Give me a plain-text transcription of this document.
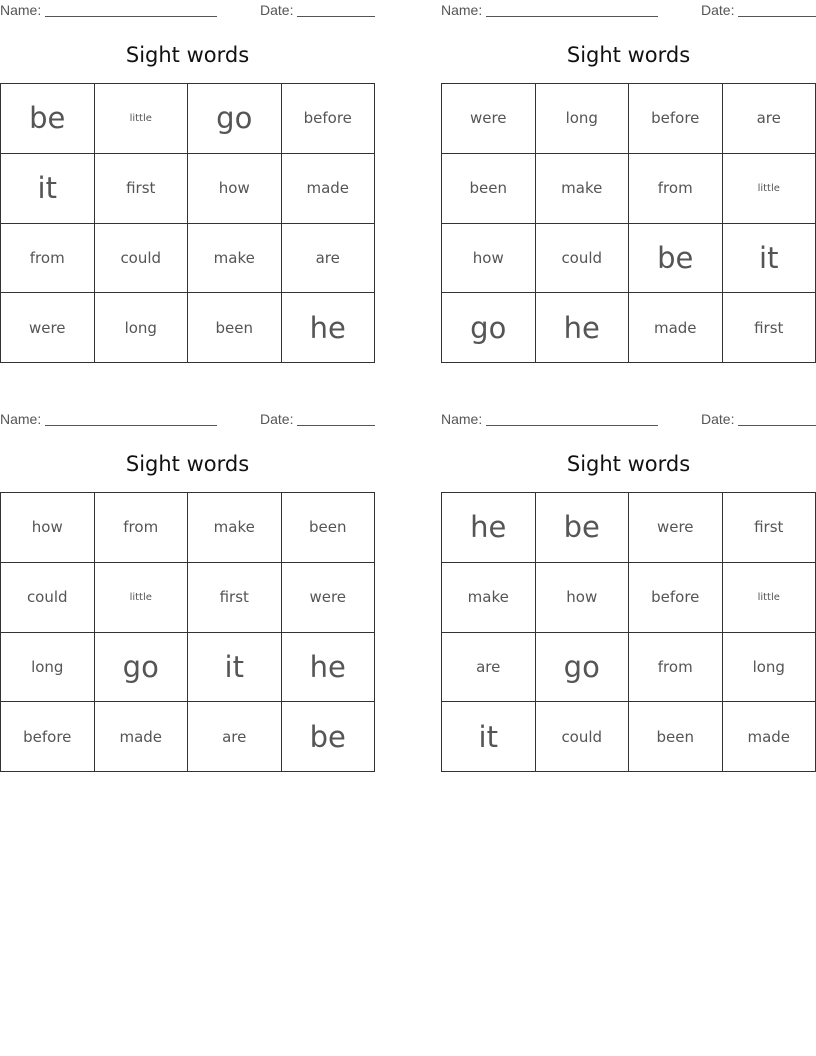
Name:	Date:
Sight words
be	little	go	before
it	first	how	made
from	could	make	are
were	long	been	he
Name:	Date:
Sight words
were	long	before	are
been	make	from	little
how	could	be	it
go	he	made	first
Name:	Date:
Sight words
how	from	make	been
could	little	first	were
long	go	it	he
before	made	are	be
Name:	Date:
Sight words
he	be	were	first
make	how	before	little
are	go	from	long
it	could	been	made
